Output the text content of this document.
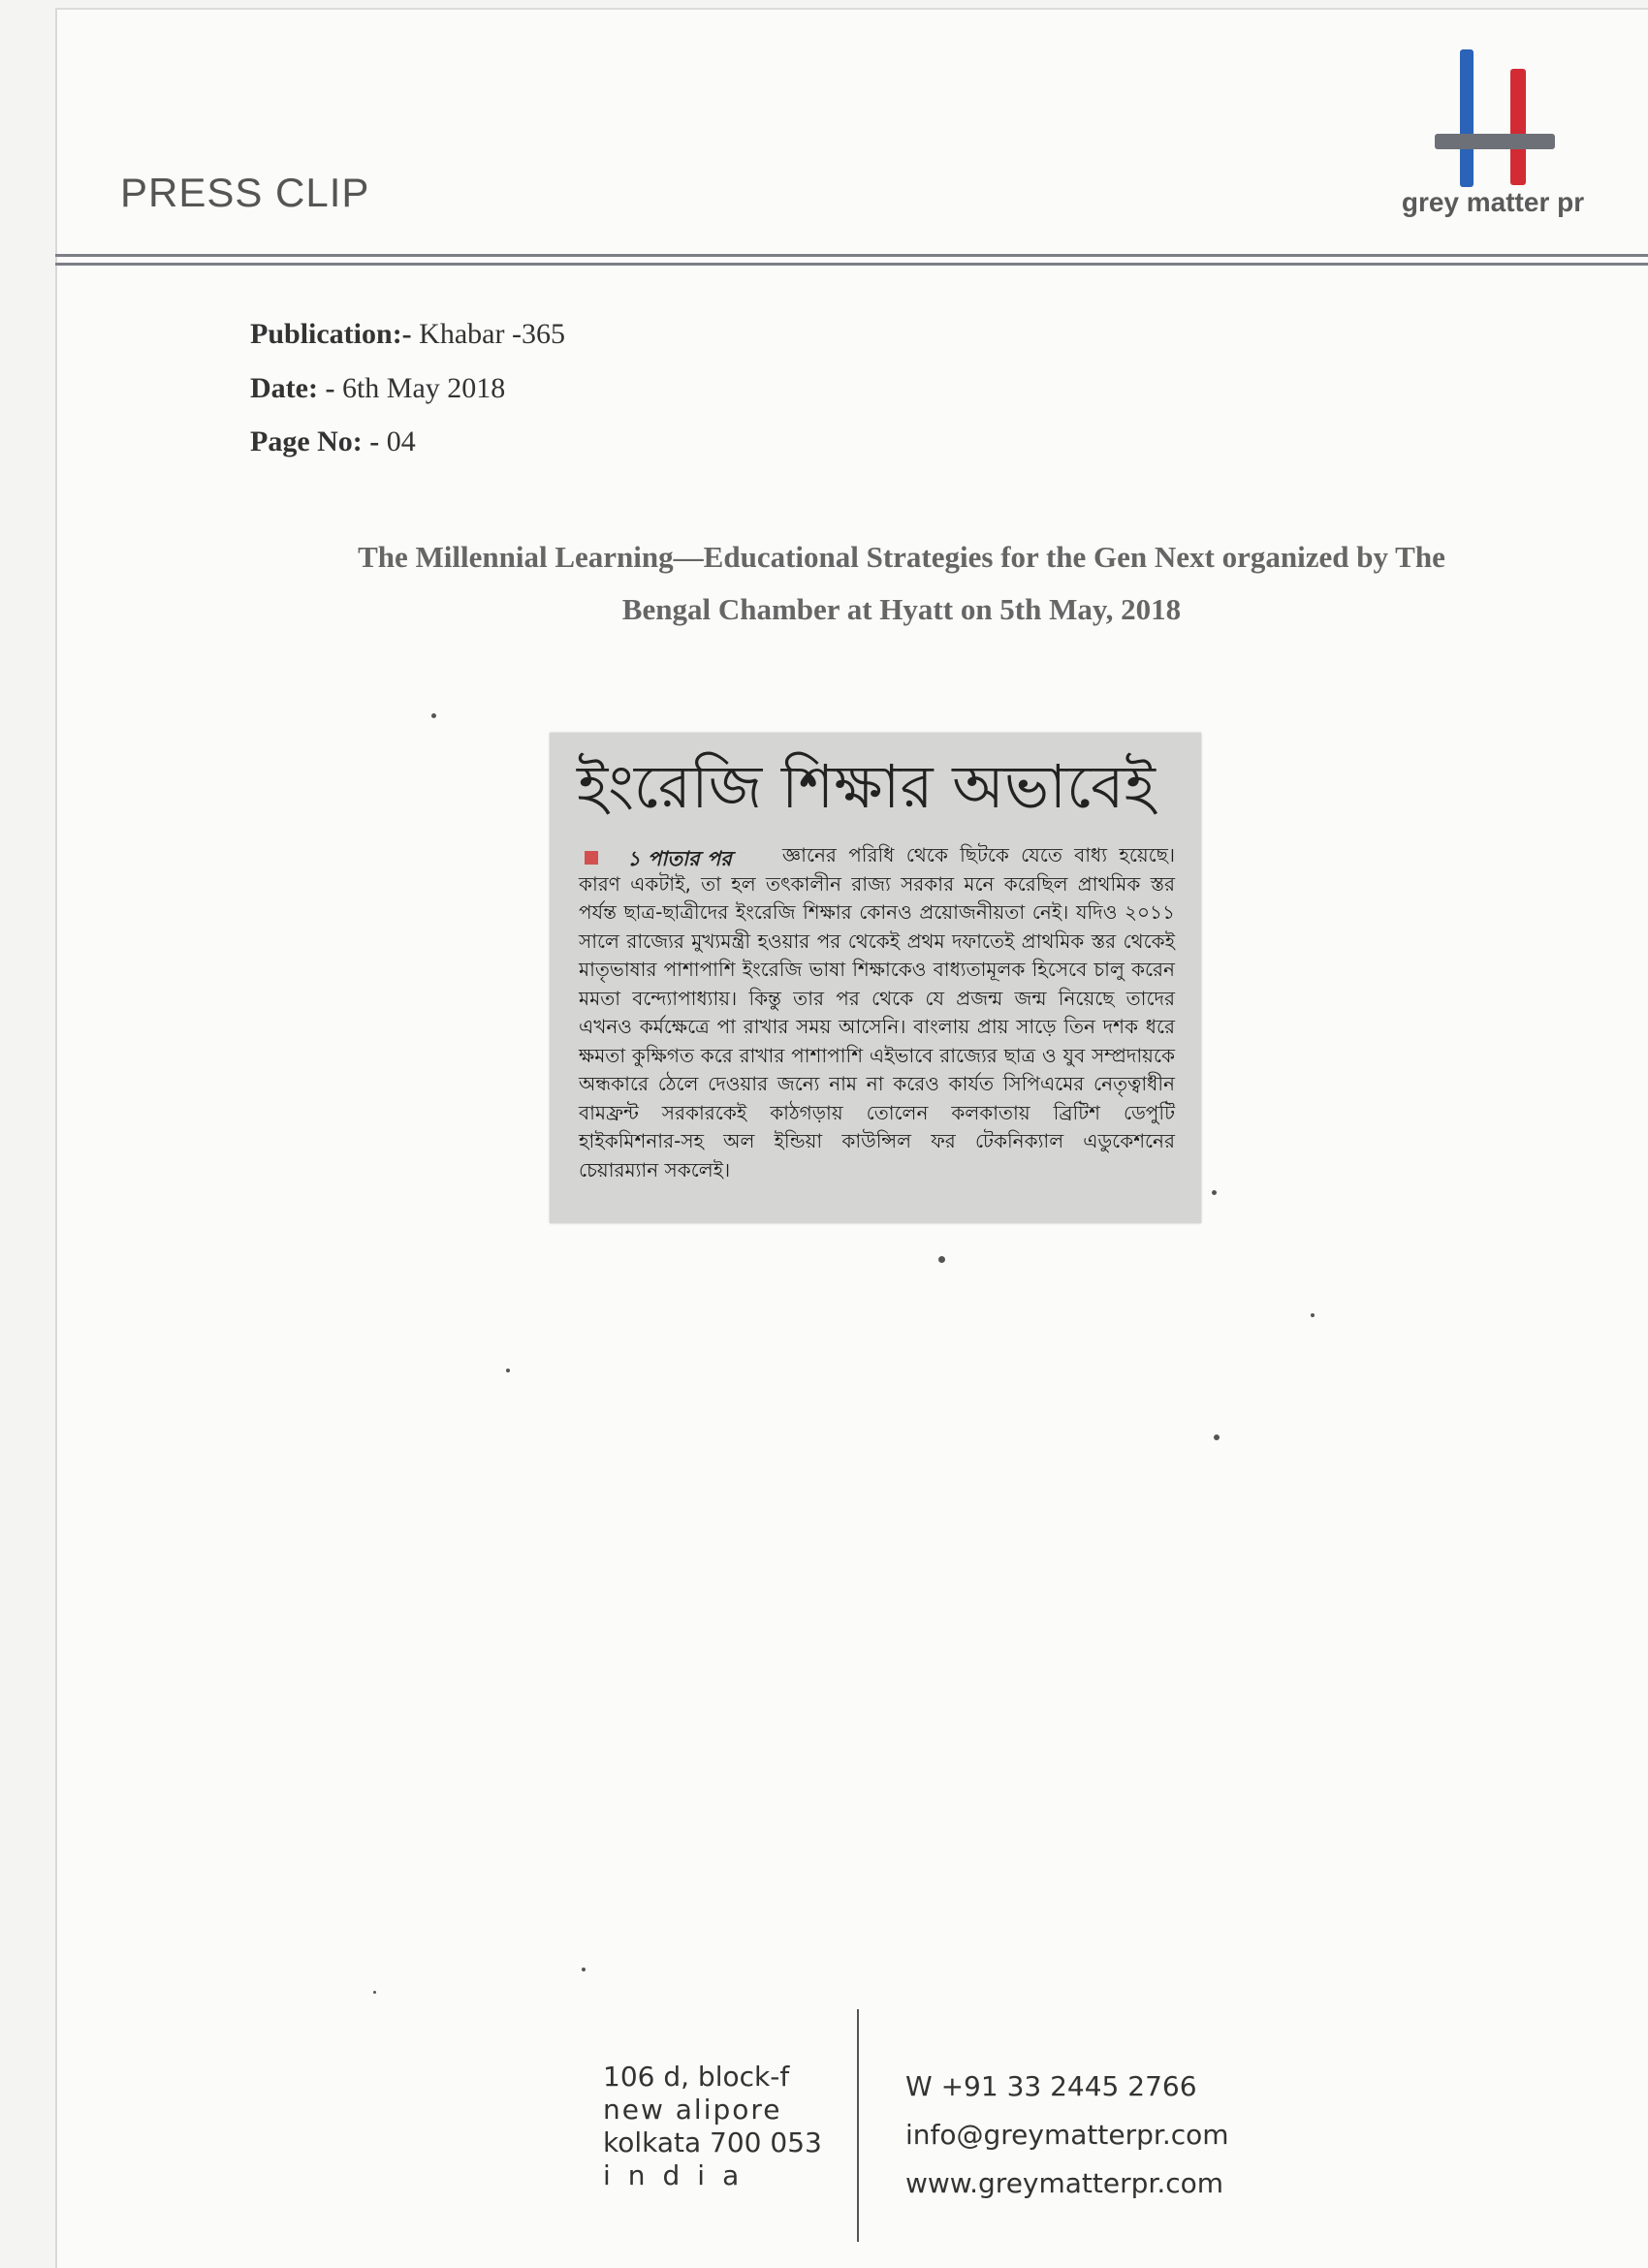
PRESS CLIP	grey matter pr
Publication:- Khabar -365
Date: - 6th May 2018
Page No: - 04
The Millennial Learning—Educational Strategies for the Gen Next organized by The
Bengal Chamber at Hyatt on 5th May, 2018
ইংরেজি শিক্ষার অভাবেই
১ পাতার পর	জ্ঞানের পরিধি থেকে ছিটকে যেতে বাধ্য হয়েছে। কারণ একটাই, তা হল তৎকালীন রাজ্য সরকার মনে করেছিল প্রাথমিক স্তর পর্যন্ত ছাত্র-ছাত্রীদের ইংরেজি শিক্ষার কোনও প্রয়োজনীয়তা নেই। যদিও ২০১১ সালে রাজ্যের মুখ্যমন্ত্রী হওয়ার পর থেকেই প্রথম দফাতেই প্রাথমিক স্তর থেকেই মাতৃভাষার পাশাপাশি ইংরেজি ভাষা শিক্ষাকেও বাধ্যতামূলক হিসেবে চালু করেন মমতা বন্দ্যোপাধ্যায়। কিন্তু তার পর থেকে যে প্রজন্ম জন্ম নিয়েছে তাদের এখনও কর্মক্ষেত্রে পা রাখার সময় আসেনি। বাংলায় প্রায় সাড়ে তিন দশক ধরে ক্ষমতা কুক্ষিগত করে রাখার পাশাপাশি এইভাবে রাজ্যের ছাত্র ও যুব সম্প্রদায়কে অন্ধকারে ঠেলে দেওয়ার জন্যে নাম না করেও কার্যত সিপিএমের নেতৃত্বাধীন বামফ্রন্ট সরকারকেই কাঠগড়ায় তোলেন কলকাতায় ব্রিটিশ ডেপুটি হাইকমিশনার-সহ অল ইন্ডিয়া কাউন্সিল ফর টেকনিক্যাল এডুকেশনের চেয়ারম্যান সকলেই।
106 d, block-f
new alipore
kolkata 700 053
india
W +91 33 2445 2766
info@greymatterpr.com
www.greymatterpr.com
